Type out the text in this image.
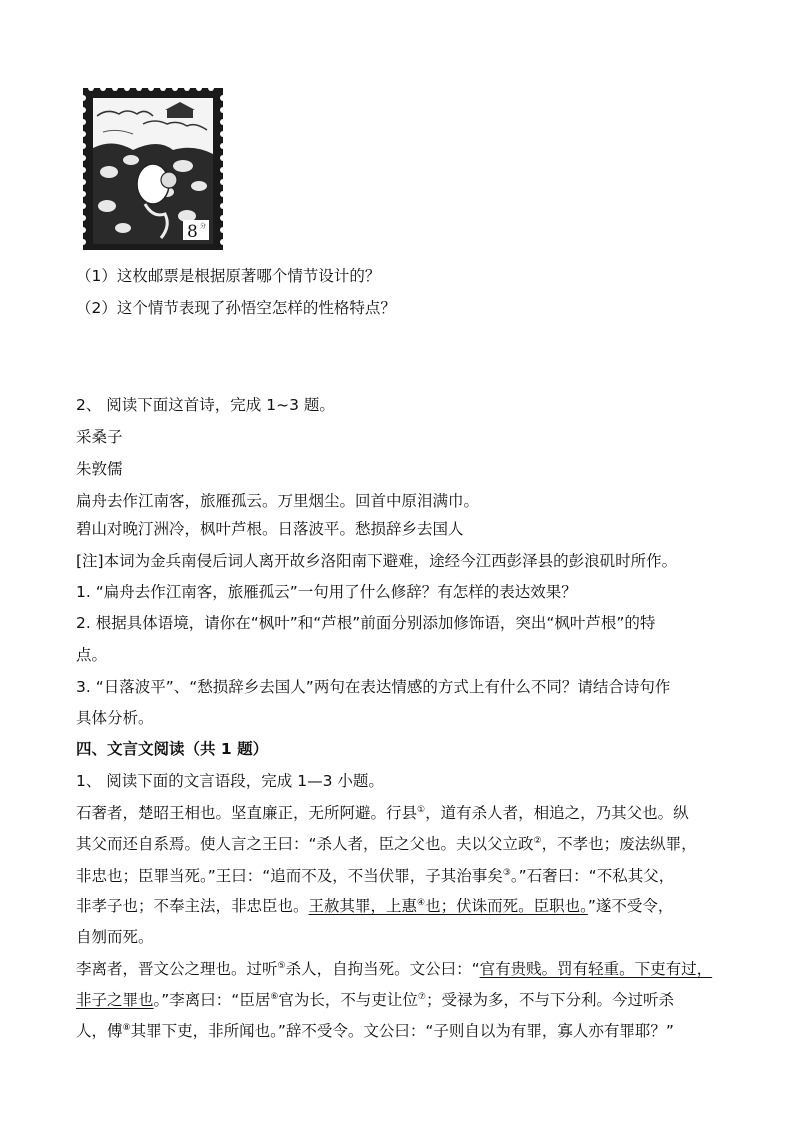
8 分
（1）这枚邮票是根据原著哪个情节设计的？
（2）这个情节表现了孙悟空怎样的性格特点？
2、 阅读下面这首诗，完成 1~3 题。
采桑子
朱敦儒
扁舟去作江南客，旅雁孤云。万里烟尘。回首中原泪满巾。
碧山对晚汀洲冷，枫叶芦根。日落波平。愁损辞乡去国人
[注]本词为金兵南侵后词人离开故乡洛阳南下避难，途经今江西彭泽县的彭浪矶时所作。
1. “扁舟去作江南客，旅雁孤云”一句用了什么修辞？有怎样的表达效果？
2. 根据具体语境，请你在“枫叶”和“芦根”前面分别添加修饰语，突出“枫叶芦根”的特
点。
3. “日落波平”、“愁损辞乡去国人”两句在表达情感的方式上有什么不同？请结合诗句作
具体分析。
四、文言文阅读（共 1 题）
1、 阅读下面的文言语段，完成 1—3 小题。
石奢者，楚昭王相也。坚直廉正，无所阿避。行县①，道有杀人者，相追之，乃其父也。纵
其父而还自系焉。使人言之王曰：“杀人者，臣之父也。夫以父立政②，不孝也；废法纵罪，
非忠也；臣罪当死。”王曰：“追而不及，不当伏罪，子其治事矣③。”石奢曰：“不私其父，
非孝子也；不奉主法，非忠臣也。王赦其罪，上惠④也；伏诛而死。臣职也。”遂不受令，
自刎而死。
李离者，晋文公之理也。过听⑤杀人，自拘当死。文公曰：“官有贵贱。罚有轻重。下吏有过，
非子之罪也。”李离曰：“臣居⑥官为长，不与吏让位⑦；受禄为多，不与下分利。今过听杀
人，傅⑧其罪下吏，非所闻也。”辞不受令。文公曰：“子则自以为有罪，寡人亦有罪耶？”
